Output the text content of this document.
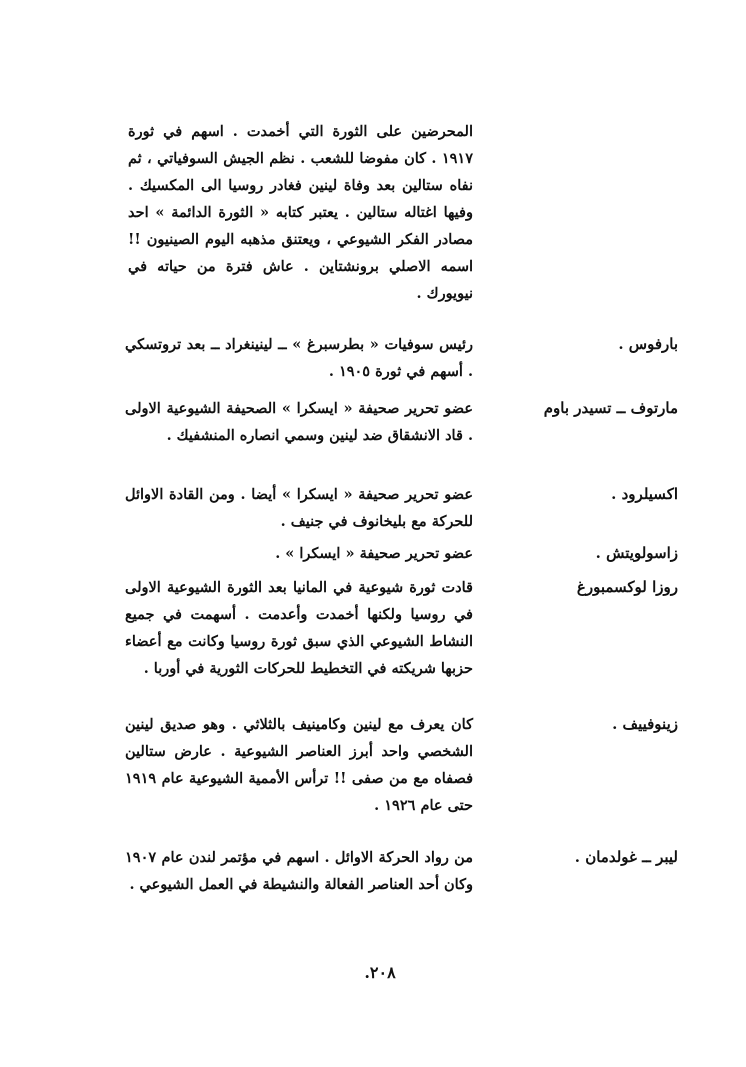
المحرضين على الثورة التي أخمدت . اسهم في ثورة ١٩١٧ . كان مفوضا للشعب . نظم الجيش السوفياتي ، ثم نفاه ستالين بعد وفاة لينين فغادر روسيا الى المكسيك . وفيها اغتاله ستالين . يعتبر كتابه « الثورة الدائمة » احد مصادر الفكر الشيوعي ، ويعتنق مذهبه اليوم الصينيون !! اسمه الاصلي برونشتاين . عاش فترة من حياته في نيويورك .

بارفوس .
رئيس سوفيات « بطرسبرغ » ــ لينينغراد ــ بعد تروتسكي . أسهم في ثورة ١٩٠٥ .
مارتوف ــ تسيدر باوم
عضو تحرير صحيفة « ايسكرا » الصحيفة الشيوعية الاولى . قاد الانشقاق ضد لينين وسمي انصاره المنشفيك .
اكسيلرود .
عضو تحرير صحيفة « ايسكرا » أيضا . ومن القادة الاوائل للحركة مع بليخانوف في جنيف .
زاسولويتش .
عضو تحرير صحيفة « ايسكرا » .
روزا لوكسمبورغ
قادت ثورة شيوعية في المانيا بعد الثورة الشيوعية الاولى في روسيا ولكنها أخمدت وأعدمت . أسهمت في جميع النشاط الشيوعي الذي سبق ثورة روسيا وكانت مع أعضاء حزبها شريكته في التخطيط للحركات الثورية في أوربا .
زينوفييف .
كان يعرف مع لينين وكامينيف بالثلاثي . وهو صديق لينين الشخصي واحد أبرز العناصر الشيوعية . عارض ستالين فصفاه مع من صفى !! ترأس الأممية الشيوعية عام ١٩١٩ حتى عام ١٩٢٦ .
ليبر ــ غولدمان .
من رواد الحركة الاوائل . اسهم في مؤتمر لندن عام ١٩٠٧ وكان أحد العناصر الفعالة والنشيطة في العمل الشيوعي .
٢٠٨.
